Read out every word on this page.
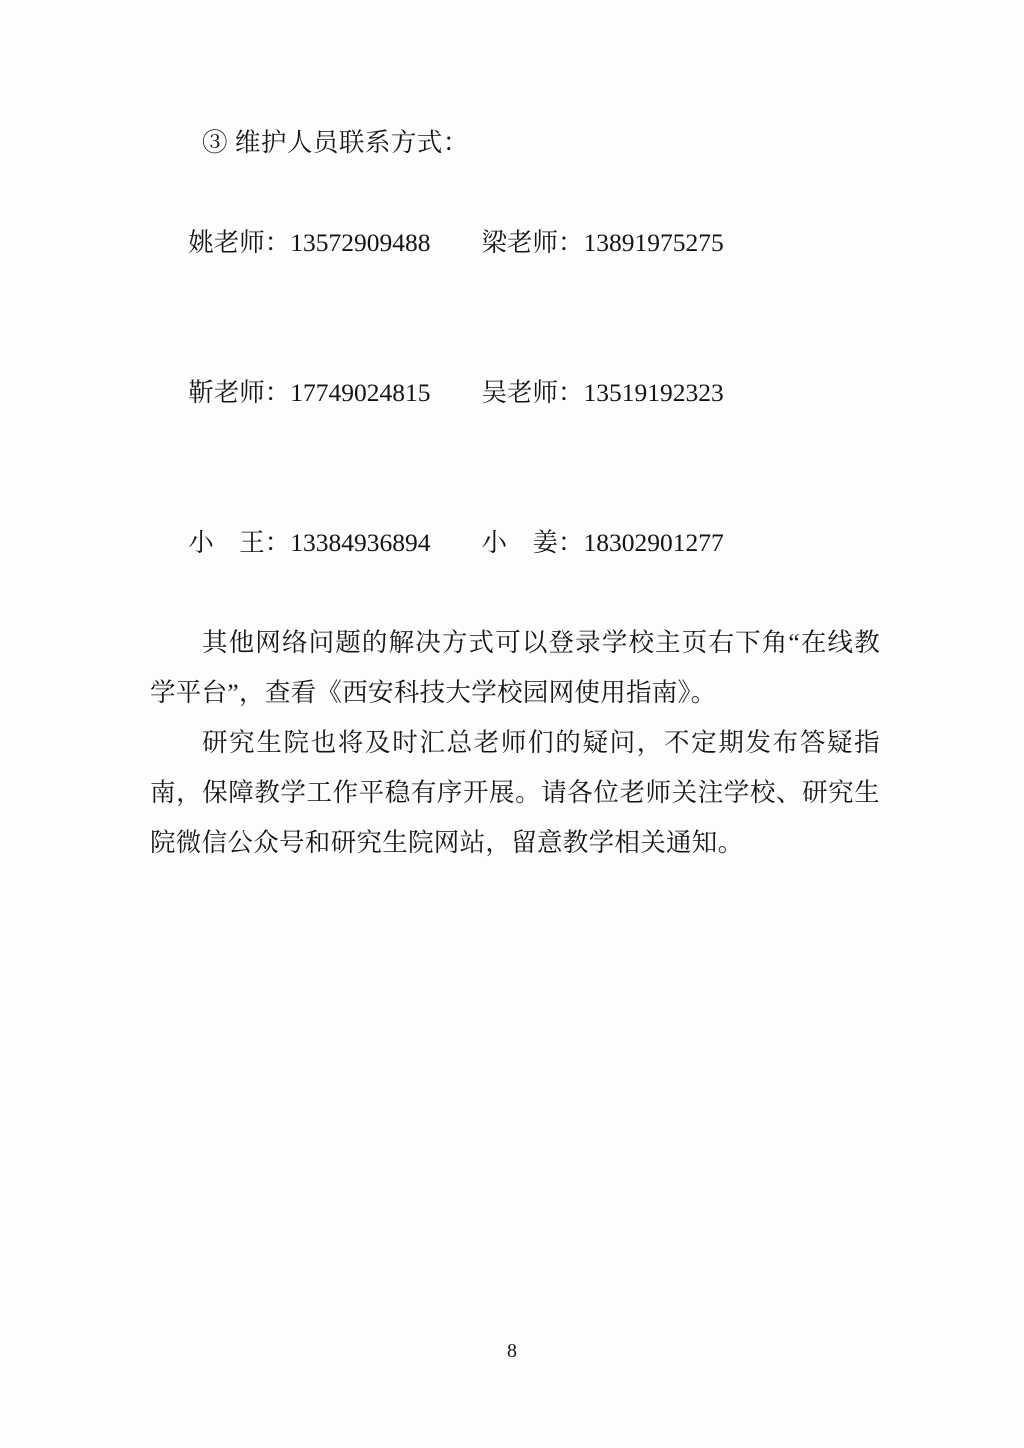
③ 维护人员联系方式：

姚老师：13572909488　　 梁老师：13891975275

靳老师：17749024815　　 吴老师：13519192323

小　王：13384936894　　 小　姜：18302901277

其他网络问题的解决方式可以登录学校主页右下角“在线教学平台”，查看《西安科技大学校园网使用指南》。
研究生院也将及时汇总老师们的疑问，不定期发布答疑指南，保障教学工作平稳有序开展。请各位老师关注学校、研究生院微信公众号和研究生院网站，留意教学相关通知。
8
